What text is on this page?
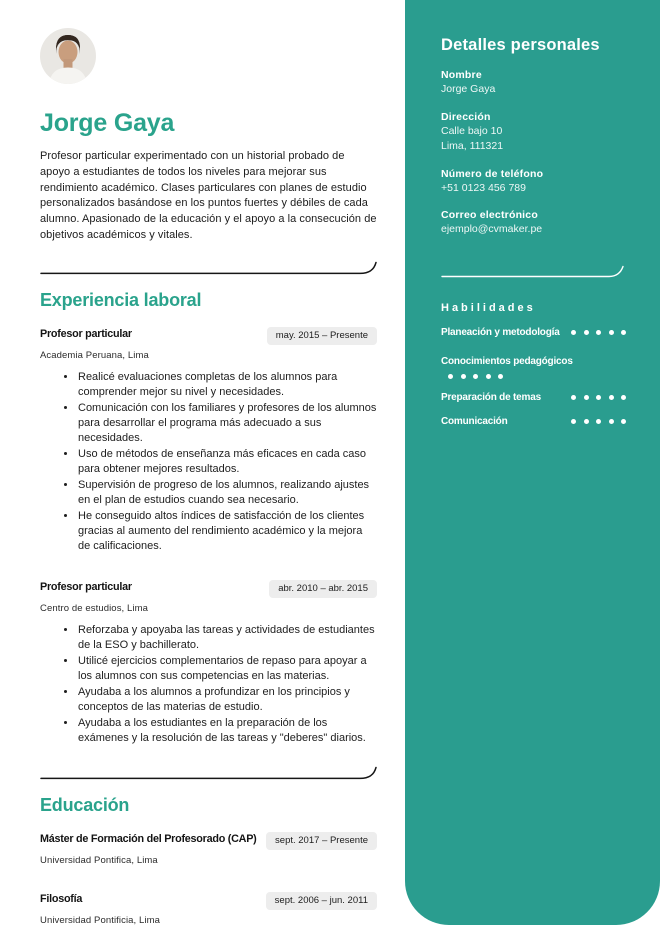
Jorge Gaya

Profesor particular experimentado con un historial probado de apoyo a estudiantes de todos los niveles para mejorar sus rendimiento académico. Clases particulares con planes de estudio personalizados basándose en los puntos fuertes y débiles de cada alumno. Apasionado de la educación y el apoyo a la consecución de objetivos académicos y vitales.

Experiencia laboral
Profesor particular	may. 2015 – Presente
Academia Peruana, Lima
• Realicé evaluaciones completas de los alumnos para comprender mejor su nivel y necesidades.
• Comunicación con los familiares y profesores de los alumnos para desarrollar el programa más adecuado a sus necesidades.
• Uso de métodos de enseñanza más eficaces en cada caso para obtener mejores resultados.
• Supervisión de progreso de los alumnos, realizando ajustes en el plan de estudios cuando sea necesario.
• He conseguido altos índices de satisfacción de los clientes gracias al aumento del rendimiento académico y la mejora de calificaciones.
Profesor particular	abr. 2010 – abr. 2015
Centro de estudios, Lima
• Reforzaba y apoyaba las tareas y actividades de estudiantes de la ESO y bachillerato.
• Utilicé ejercicios complementarios de repaso para apoyar a los alumnos con sus competencias en las materias.
• Ayudaba a los alumnos a profundizar en los principios y conceptos de las materias de estudio.
• Ayudaba a los estudiantes en la preparación de los exámenes y la resolución de las tareas y "deberes" diarios.
Educación
Máster de Formación del Profesorado (CAP)	sept. 2017 – Presente
Universidad Pontifica, Lima
Filosofía	sept. 2006 – jun. 2011
Universidad Pontificia, Lima
Detalles personales
Nombre
Jorge Gaya
Dirección
Calle bajo 10
Lima, 111321
Número de teléfono
+51 0123 456 789
Correo electrónico
ejemplo@cvmaker.pe
Habilidades
Planeación y metodología
Conocimientos pedagógicos
Preparación de temas
Comunicación
